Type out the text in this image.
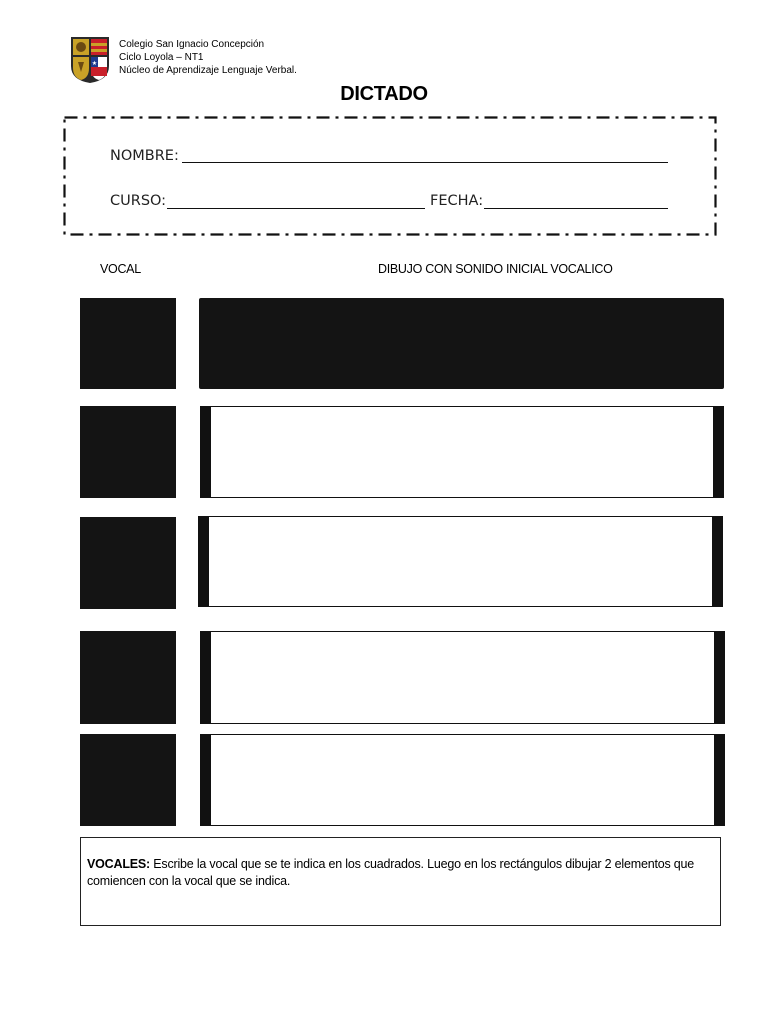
★
Colegio San Ignacio Concepción
Ciclo Loyola – NT1
Núcleo de Aprendizaje Lenguaje Verbal.
DICTADO
NOMBRE:
CURSO:	FECHA:
VOCAL	DIBUJO CON SONIDO INICIAL VOCALICO
VOCALES: Escribe la vocal que se te indica en los cuadrados. Luego en los rectángulos dibujar 2 elementos que comiencen con la vocal que se indica.
